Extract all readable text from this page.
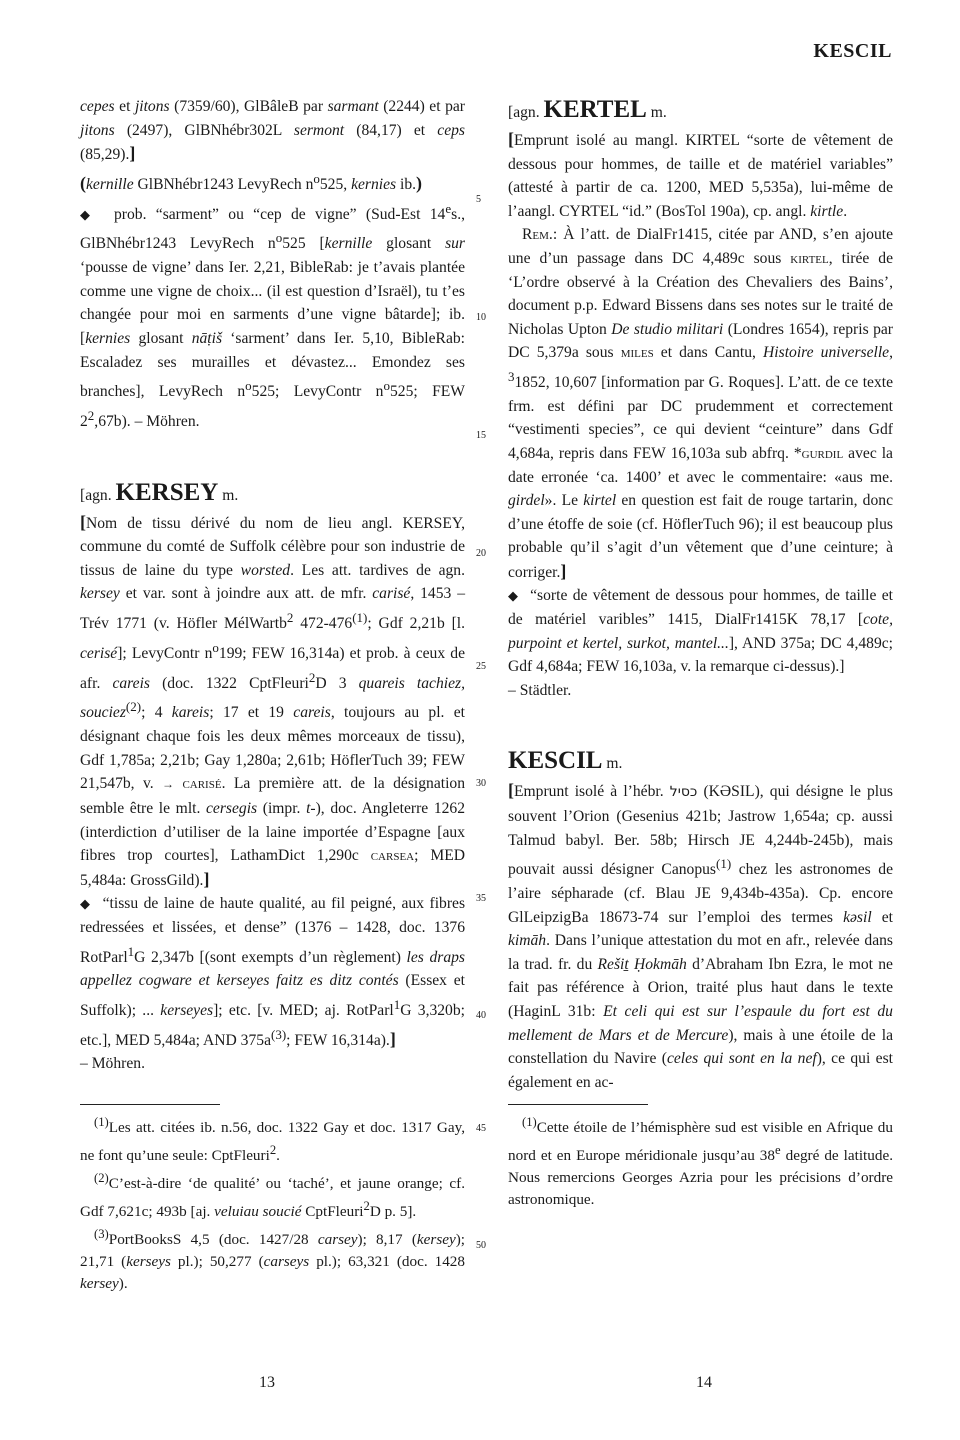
KESCIL

cepes et jitons (7359/60), GlBâleB par sarmant (2244) et par jitons (2497), GlBNhébr302L sermont (84,17) et ceps (85,29).]

(kernille GlBNhébr1243 LevyRech $n^o525$, kernies ib.)

◆  prob. “sarment” ou “cep de vigne” (Sud-Est 14es., GlBNhébr1243 LevyRech $n^o525$ [kernille glosant sur ‘pousse de vigne’ dans Ier. 2,21, BibleRab: je t’avais plantée comme une vigne de choix... (il est question d’Israël), tu t’es changée pour moi en sarments d’une vigne bâtarde]; ib. [kernies glosant nāṭiš ‘sarment’ dans Ier. 5,10, BibleRab: Escaladez ses murailles et dévastez... Emondez ses branches], LevyRech $n^o525$; LevyContr $n^o525$; FEW $2^2,67b$). – Möhren.

[agn. KERSEY m.

[Nom de tissu dérivé du nom de lieu angl. KERSEY, commune du comté de Suffolk célèbre pour son industrie de tissus de laine du type worsted. Les att. tardives de agn. kersey et var. sont à joindre aux att. de mfr. carisé, 1453 – Trév 1771 (v. Höfler MélWartb$^2$ 472-476$^{(1)}$; Gdf 2,21b [l. cerisé]; LevyContr $n^o199$; FEW 16,314a) et prob. à ceux de afr. careis (doc. 1322 CptFleuri$^2$D 3 quareis tachiez, souciez$^{(2)}$; 4 kareis; 17 et 19 careis, toujours au pl. et désignant chaque fois les deux mêmes morceaux de tissu), Gdf 1,785a; 2,21b; Gay 1,280a; 2,61b; HöflerTuch 39; FEW 21,547b, v. → carisé. La première att. de la désignation semble être le mlt. cersegis (impr. t-), doc. Angleterre 1262 (interdiction d’utiliser de la laine importée d’Espagne [aux fibres trop courtes], LathamDict 1,290c carsea; MED 5,484a: GrossGild).]

◆  “tissu de laine de haute qualité, au fil peigné, aux fibres redressées et lissées, et dense” (1376 – 1428, doc. 1376 RotParl$^1$G 2,347b [(sont exempts d’un règlement) les draps appellez cogware et kerseyes faitz es ditz contés (Essex et Suffolk); ... kerseyes]; etc. [v. MED; aj. RotParl$^1$G 3,320b; etc.], MED 5,484a; AND $375a^{(3)}$; FEW 16,314a).]
– Möhren.

$^{(1)}$Les att. citées ib. n.56, doc. 1322 Gay et doc. 1317 Gay, ne font qu’une seule: CptFleuri$^2$.
$^{(2)}$C’est-à-dire ‘de qualité’ ou ‘taché’, et jaune orange; cf. Gdf 7,621c; 493b [aj. veluiau soucié CptFleuri$^2$D p. 5].
$^{(3)}$PortBooksS 4,5 (doc. 1427/28 carsey); 8,17 (kersey); 21,71 (kerseys pl.); 50,277 (carseys pl.); 63,321 (doc. 1428 kersey).
5
10
15
20
25
30
35
40
45
50

[agn. KERTEL m.

[Emprunt isolé au mangl. KIRTEL “sorte de vêtement de dessous pour hommes, de taille et de matériel variables” (attesté à partir de ca. 1200, MED 5,535a), lui-même de l’aangl. CYRTEL “id.” (BosTol 190a), cp. angl. kirtle.

Rem.: À l’att. de DialFr1415, citée par AND, s’en ajoute une d’un passage dans DC 4,489c sous kirtel, tirée de ‘L’ordre observé à la Création des Chevaliers des Bains’, document p.p. Edward Bissens dans ses notes sur le traité de Nicholas Upton De studio militari (Londres 1654), repris par DC 5,379a sous miles et dans Cantu, Histoire universelle, $^3$1852, 10,607 [information par G. Roques]. L’att. de ce texte frm. est défini par DC prudemment et correctement “vestimenti species”, ce qui devient “ceinture” dans Gdf 4,684a, repris dans FEW 16,103a sub abfrq. *gurdil avec la date erronée ‘ca. 1400’ et avec le commentaire: «aus me. girdel». Le kirtel en question est fait de rouge tartarin, donc d’une étoffe de soie (cf. HöflerTuch 96); il est beaucoup plus probable qu’il s’agit d’un vêtement que d’une ceinture; à corriger.]

◆  “sorte de vêtement de dessous pour hommes, de taille et de matériel varibles” 1415, DialFr1415K 78,17 [cote, purpoint et kertel, surkot, mantel...], AND 375a; DC 4,489c; Gdf 4,684a; FEW 16,103a, v. la remarque ci-dessus).]
– Städtler.

KESCIL m.

[Emprunt isolé à l’hébr. כסיל (KƏSIL), qui désigne le plus souvent l’Orion (Gesenius 421b; Jastrow 1,654a; cp. aussi Talmud babyl. Ber. 58b; Hirsch JE 4,244b-245b), mais pouvait aussi désigner Canopus$^{(1)}$ chez les astronomes de l’aire sépharade (cf. Blau JE 9,434b-435a). Cp. encore GlLeipzigBa 18673-74 sur l’emploi des termes kəsil et kimāh. Dans l’unique attestation du mot en afr., relevée dans la trad. fr. du Rešiṯ Ḥokmāh d’Abraham Ibn Ezra, le mot ne fait pas référence à Orion, traité plus haut dans le texte (HaginL 31b: Et celi qui est sur l’espaule du fort est du mellement de Mars et de Mercure), mais à une étoile de la constellation du Navire (celes qui sont en la nef), ce qui est également en ac-

$^{(1)}$Cette étoile de l’hémisphère sud est visible en Afrique du nord et en Europe méridionale jusqu’au 38e degré de latitude. Nous remercions Georges Azria pour les précisions d’ordre astronomique.
13	14
